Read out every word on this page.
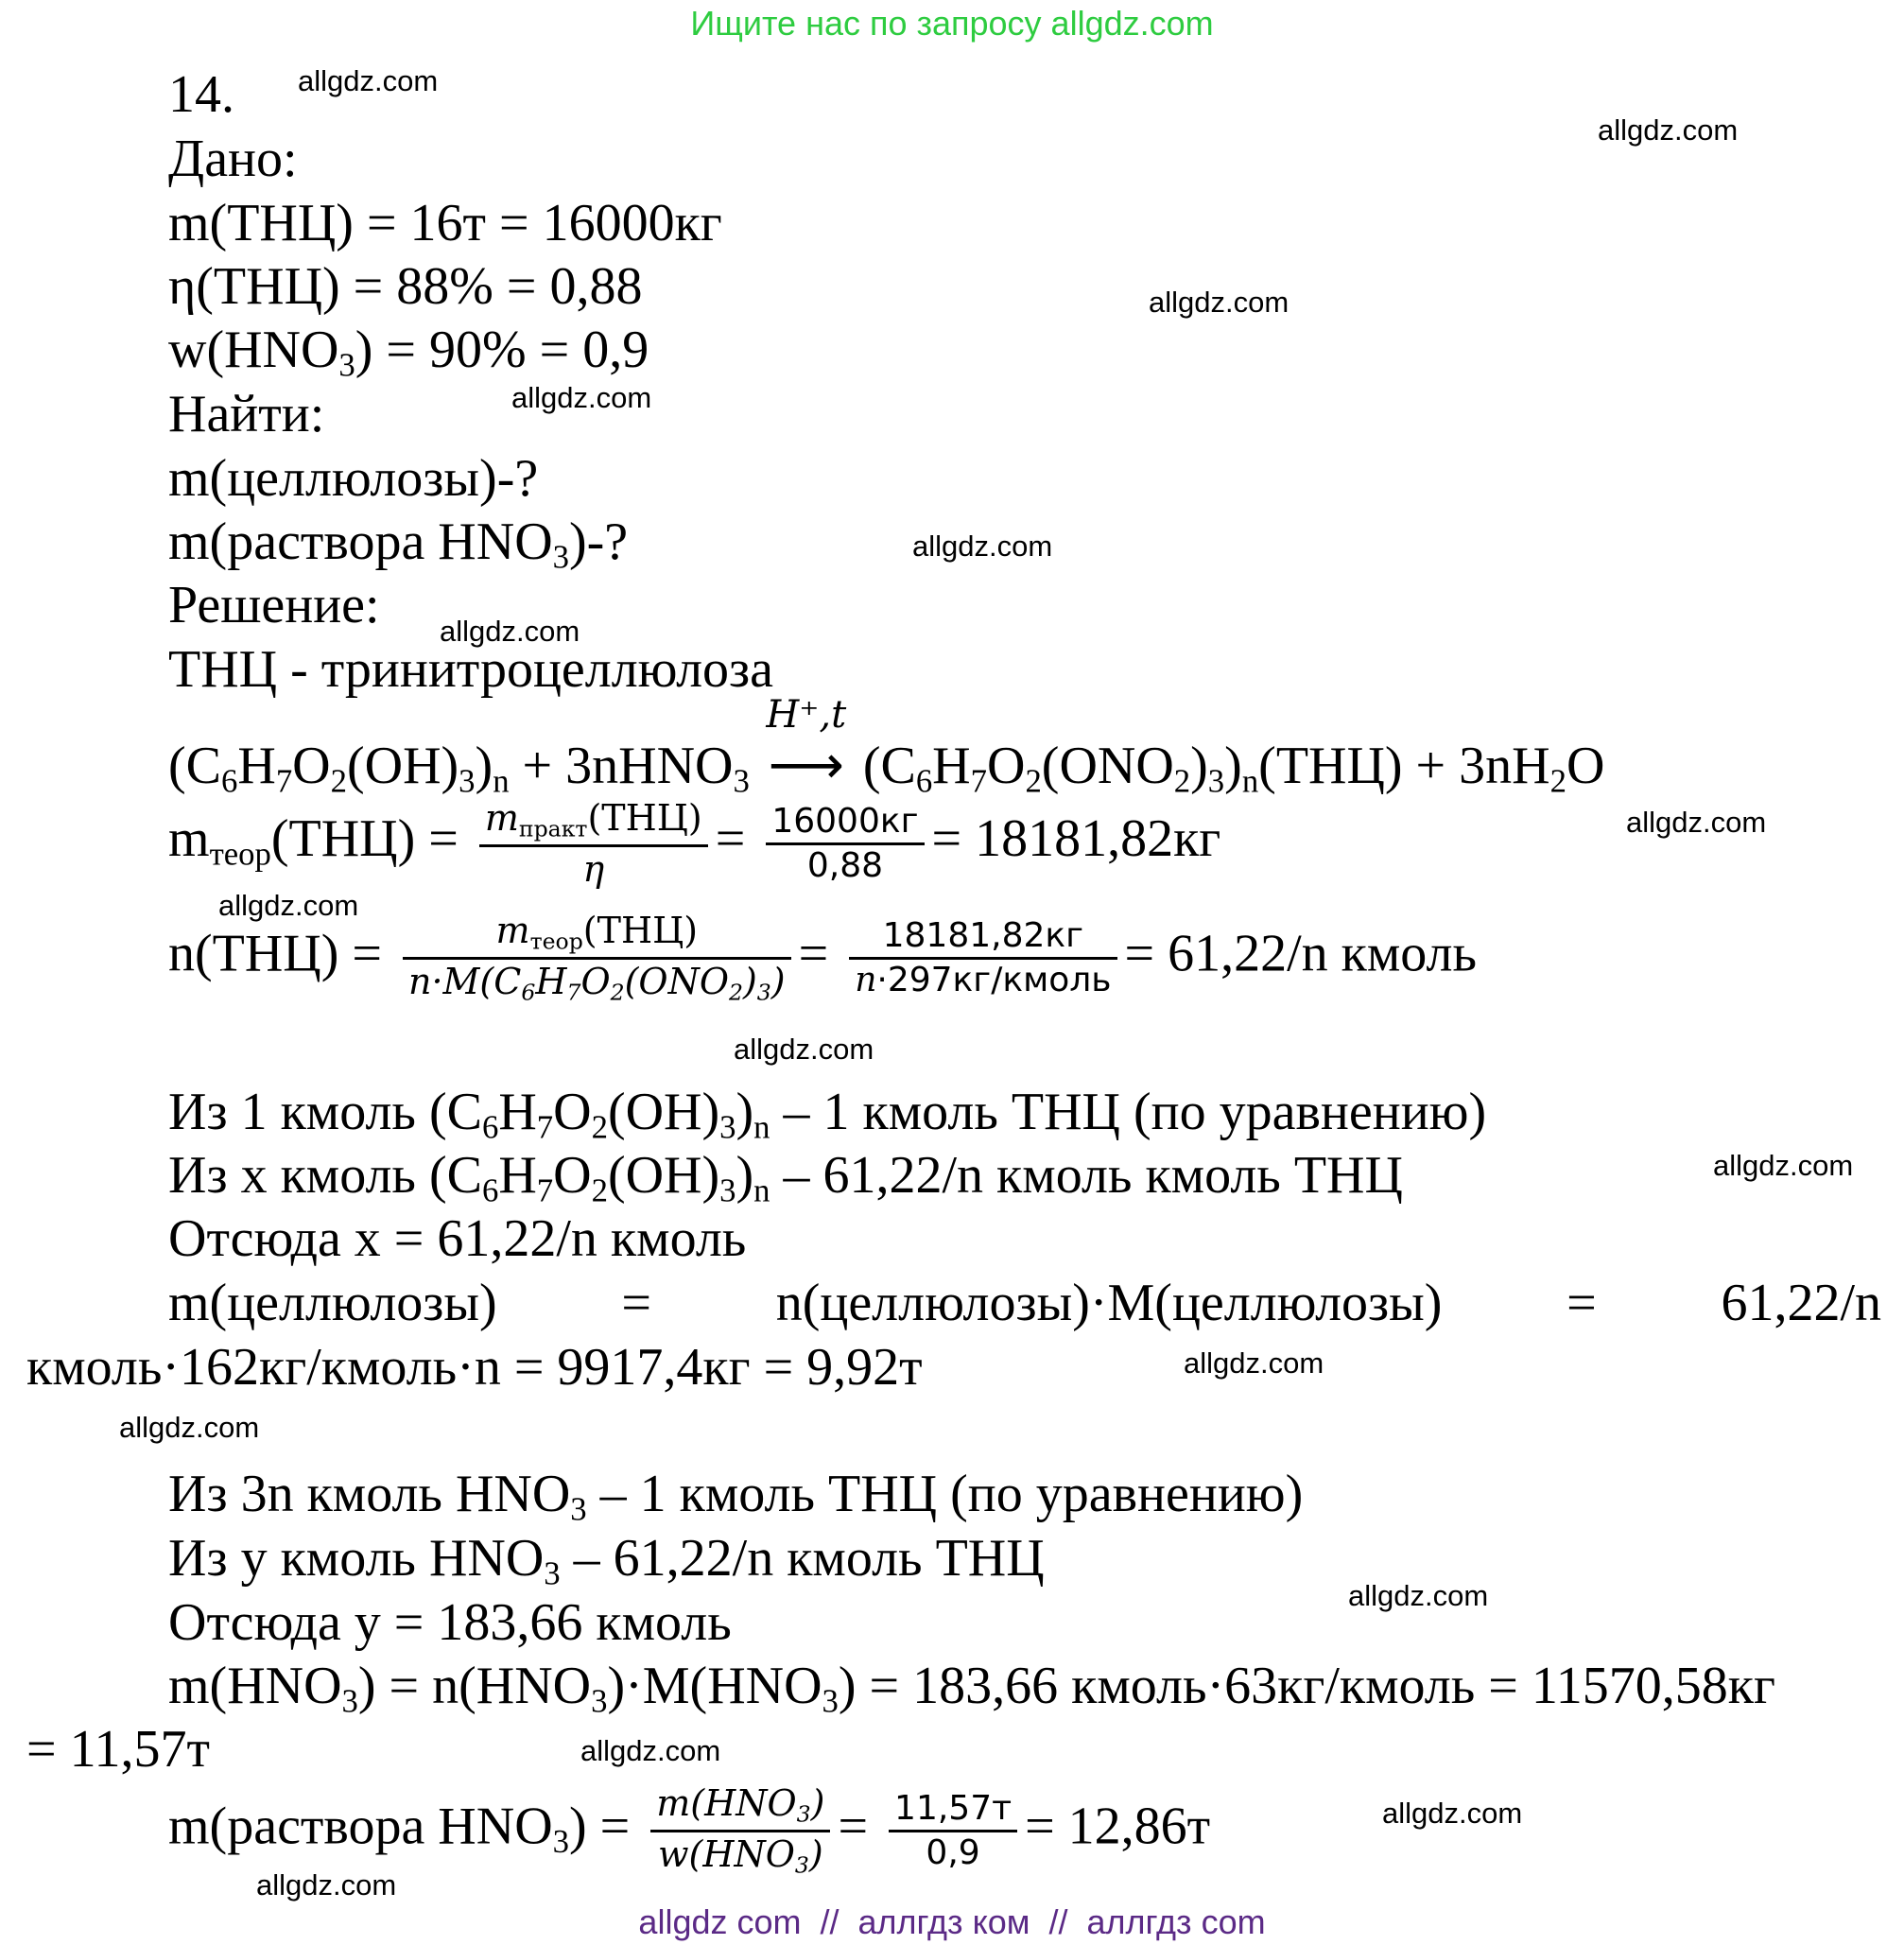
Ищите нас по запросу allgdz.com
allgdz.com
allgdz.com
allgdz.com
allgdz.com
allgdz.com
allgdz.com
allgdz.com
allgdz.com
allgdz.com
allgdz.com
allgdz.com
allgdz.com
allgdz.com
allgdz.com
allgdz.com
allgdz.com
14.
Дано:
m(ТНЦ) = 16т = 16000кг
η(ТНЦ) = 88% = 0,88
$w(HNO_3) = 90\% = 0,9$
Найти:
m(целлюлозы)-?
m(раствора $HNO_3)-$?
Решение:
ТНЦ - тринитроцеллюлоза
$(C_6H_7O_2(OH)_3)_n$ + 3nHNO$_3$
H⁺,t
⟶ $(C_6H_7O_2(ONO_2)_3)_n(ТНЦ) + 3nH_2O$
$m_{теор}(ТНЦ) = \frac{m_{практ}(ТНЦ)}{\eta} = \frac{16000кг}{0,88} = 18181,82кг$
$n(ТНЦ) = \frac{m_{теор}(ТНЦ)}{n\cdot M(C_6H_7O_2(ONO_2)_3)} = \frac{18181,82кг}{\text{n·297кг/кмоль}} = 61,22/n$ кмоль
Из 1 кмоль $(C_6H_7O_2(OH)_3)_n - 1$ кмоль ТНЦ (по уравнению)
Из x кмоль $(C_6H_7O_2(OH)_3)_n - 61,22/n$ кмоль кмоль ТНЦ
Отсюда x = 61,22/n кмоль
m(целлюлозы) = n(целлюлозы)·M(целлюлозы) = 61,22/n
кмоль·162кг/кмоль·n = 9917,4кг = 9,92т
Из 3n кмоль $HNO_3 - 1$ кмоль ТНЦ (по уравнению)
Из y кмоль $HNO_3 - 61,22/n$ кмоль ТНЦ
Отсюда y = 183,66 кмоль
$m(HNO_3) = n(HNO_3)\cdot M(HNO_3) = 183,66$ кмоль·63кг/кмоль = 11570,58кг
= 11,57т
m(раствора $HNO_3) = \frac{m(HNO_3)}{w(HNO_3)} = \frac{11,57т}{0,9} = 12,86т$
allgdz com  //  аллгдз ком  //  аллгдз com
